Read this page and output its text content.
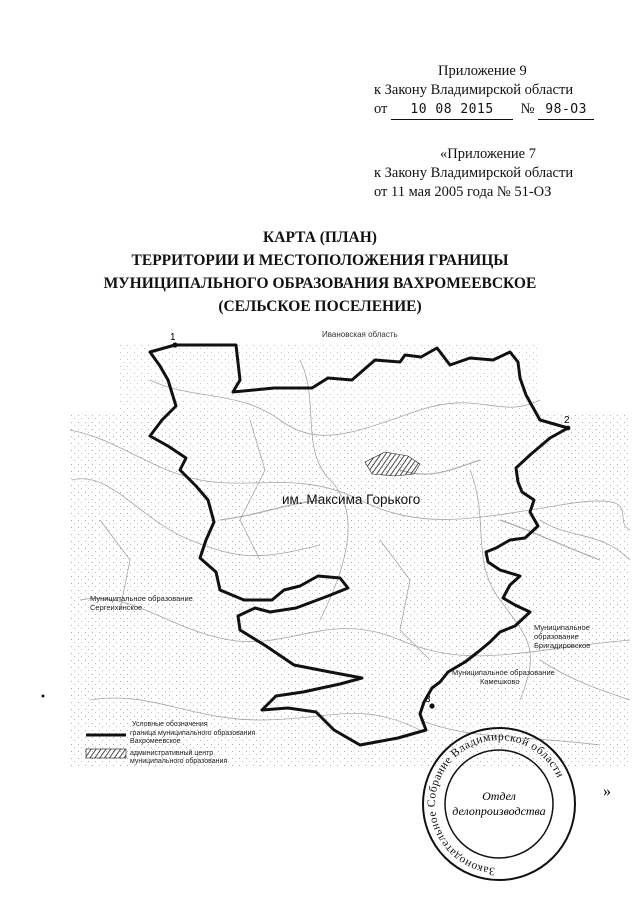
Приложение 9
к Закону Владимирской области
от 10 08 2015 № 98-ОЗ
«Приложение 7
к Закону Владимирской области
от 11 мая 2005 года № 51-ОЗ
КАРТА (ПЛАН)
ТЕРРИТОРИИ И МЕСТОПОЛОЖЕНИЯ ГРАНИЦЫ
МУНИЦИПАЛЬНОГО ОБРАЗОВАНИЯ ВАХРОМЕЕВСКОЕ
(СЕЛЬСКОЕ ПОСЕЛЕНИЕ)
1
2
3
Ивановская область
им. Максима Горького
Муниципальное образование
Сергеихинское
Муниципальное
образование
Бригадировское
Муниципальное образование
Камешково
Условные обозначения
граница муниципального образования
Вахромеевское
административный центр
муниципального образования
Законодательное Собрание Владимирской области
Отдел
делопроизводства
»
